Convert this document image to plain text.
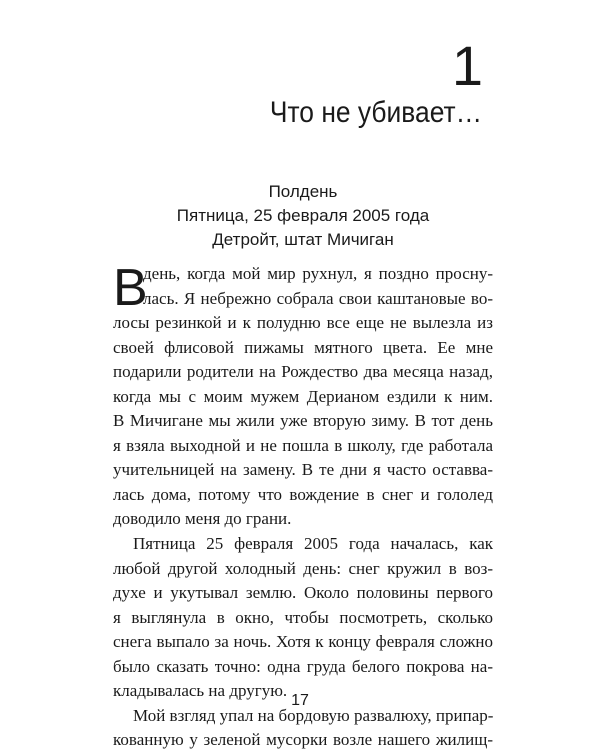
1
Что не убивает…
Полдень
Пятница, 25 февраля 2005 года
Детройт, штат Мичиган
В
день, когда мой мир рухнул, я поздно просну-
лась. Я небрежно собрала свои каштановые во-
лосы резинкой и к полудню все еще не вылезла из
своей флисовой пижамы мятного цвета. Ее мне
подарили родители на Рождество два месяца назад,
когда мы с моим мужем Дерианом ездили к ним.
В Мичигане мы жили уже вторую зиму. В тот день
я взяла выходной и не пошла в школу, где работала
учительницей на замену. В те дни я часто оставва-
лась дома, потому что вождение в снег и гололед
доводило меня до грани.
Пятница 25 февраля 2005 года началась, как
любой другой холодный день: снег кружил в воз-
духе и укутывал землю. Около половины первого
я выглянула в окно, чтобы посмотреть, сколько
снега выпало за ночь. Хотя к концу февраля сложно
было сказать точно: одна груда белого покрова на-
кладывалась на другую.
Мой взгляд упал на бордовую развалюху, припар-
кованную у зеленой мусорки возле нашего жилищ-
17
